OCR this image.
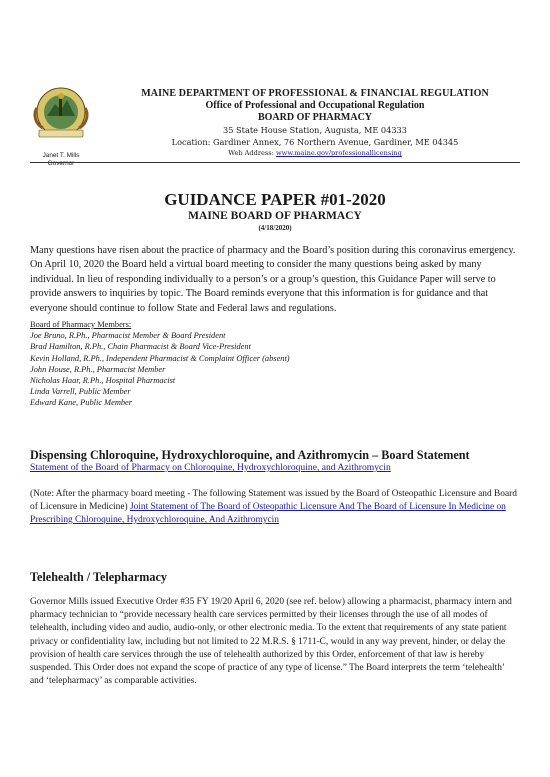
Janet T. Mills
Governor
MAINE DEPARTMENT OF PROFESSIONAL & FINANCIAL REGULATION
Office of Professional and Occupational Regulation
BOARD OF PHARMACY
35 State House Station, Augusta, ME 04333
Location: Gardiner Annex, 76 Northern Avenue, Gardiner, ME 04345
Web Address: www.maine.gov/professionallicensing
GUIDANCE PAPER #01-2020
MAINE BOARD OF PHARMACY
(4/18/2020)
Many questions have risen about the practice of pharmacy and the Board’s position during this coronavirus emergency. On April 10, 2020 the Board held a virtual board meeting to consider the many questions being asked by many individual. In lieu of responding individually to a person’s or a group’s question, this Guidance Paper will serve to provide answers to inquiries by topic. The Board reminds everyone that this information is for guidance and that everyone should continue to follow State and Federal laws and regulations.
Board of Pharmacy Members:
Joe Bruno, R.Ph., Pharmacist Member & Board President
Brad Hamilton, R.Ph., Chain Pharmacist & Board Vice-President
Kevin Holland, R.Ph., Independent Pharmacist & Complaint Officer (absent)
John House, R.Ph., Pharmacist Member
Nicholas Haar, R.Ph., Hospital Pharmacist
Linda Varrell, Public Member
Edward Kane, Public Member
Dispensing Chloroquine, Hydroxychloroquine, and Azithromycin – Board Statement
Statement of the Board of Pharmacy on Chloroquine, Hydroxychloroquine, and Azithromycin
(Note: After the pharmacy board meeting - The following Statement was issued by the Board of Osteopathic Licensure and Board of Licensure in Medicine) Joint Statement of The Board of Osteopathic Licensure And The Board of Licensure In Medicine on Prescribing Chloroquine, Hydroxychloroquine, And Azithromycin
Telehealth / Telepharmacy
Governor Mills issued Executive Order #35 FY 19/20 April 6, 2020 (see ref. below) allowing a pharmacist, pharmacy intern and pharmacy technician to “provide necessary health care services permitted by their licenses through the use of all modes of telehealth, including video and audio, audio-only, or other electronic media. To the extent that requirements of any state patient privacy or confidentiality law, including but not limited to 22 M.R.S. § 1711-C, would in any way prevent, hinder, or delay the provision of health care services through the use of telehealth authorized by this Order, enforcement of that law is hereby suspended. This Order does not expand the scope of practice of any type of license.” The Board interprets the term ‘telehealth’ and ‘telepharmacy’ as comparable activities.
